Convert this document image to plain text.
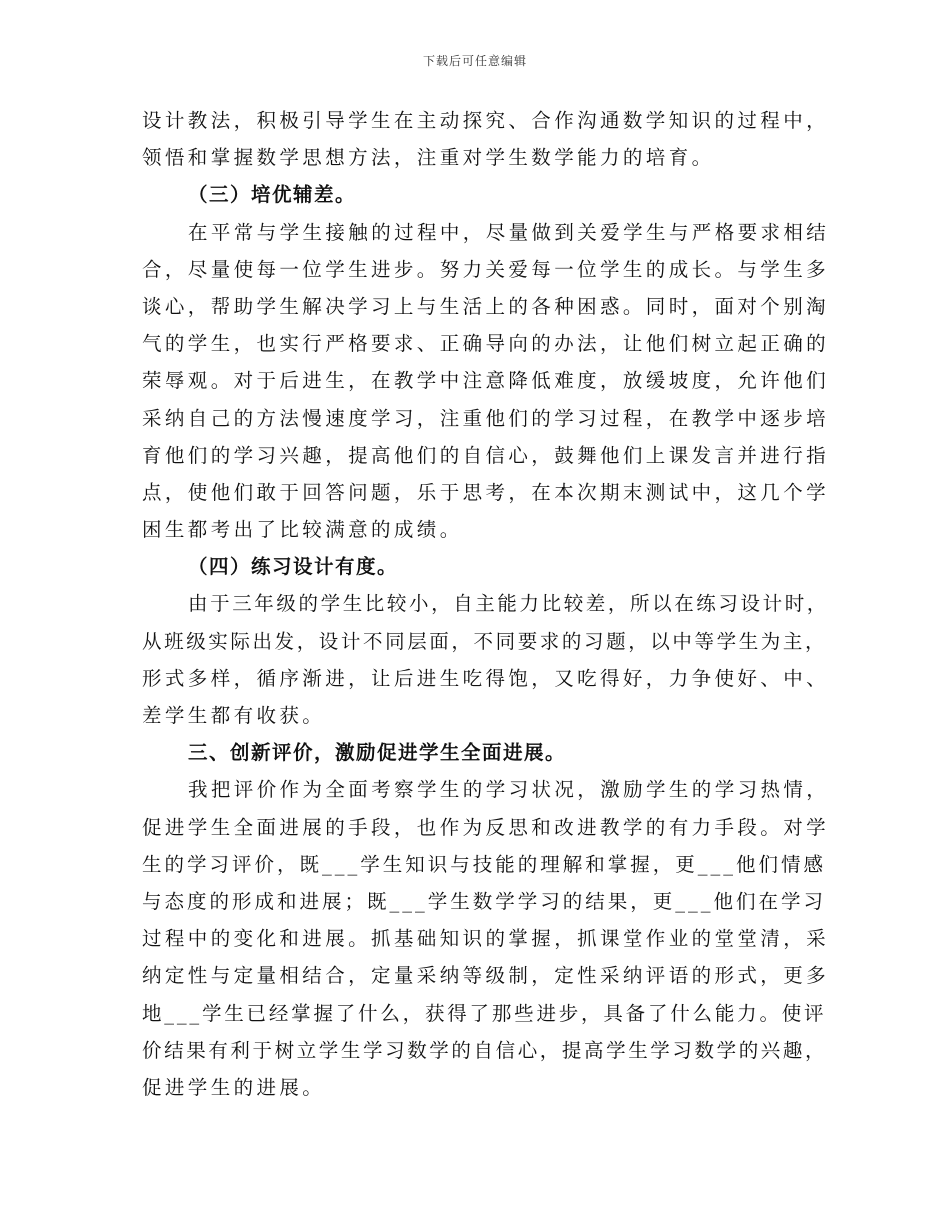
下载后可任意编辑
设计教法，积极引导学生在主动探究、合作沟通数学知识的过程中，
领悟和掌握数学思想方法，注重对学生数学能力的培育。
（三）培优辅差。
在平常与学生接触的过程中，尽量做到关爱学生与严格要求相结
合，尽量使每一位学生进步。努力关爱每一位学生的成长。与学生多
谈心，帮助学生解决学习上与生活上的各种困惑。同时，面对个别淘
气的学生，也实行严格要求、正确导向的办法，让他们树立起正确的
荣辱观。对于后进生，在教学中注意降低难度，放缓坡度，允许他们
采纳自己的方法慢速度学习，注重他们的学习过程，在教学中逐步培
育他们的学习兴趣，提高他们的自信心，鼓舞他们上课发言并进行指
点，使他们敢于回答问题，乐于思考，在本次期末测试中，这几个学
困生都考出了比较满意的成绩。
（四）练习设计有度。
由于三年级的学生比较小，自主能力比较差，所以在练习设计时，
从班级实际出发，设计不同层面，不同要求的习题，以中等学生为主，
形式多样，循序渐进，让后进生吃得饱，又吃得好，力争使好、中、
差学生都有收获。
三、创新评价，激励促进学生全面进展。
我把评价作为全面考察学生的学习状况，激励学生的学习热情，
促进学生全面进展的手段，也作为反思和改进教学的有力手段。对学
生的学习评价，既___学生知识与技能的理解和掌握，更___他们情感
与态度的形成和进展；既___学生数学学习的结果，更___他们在学习
过程中的变化和进展。抓基础知识的掌握，抓课堂作业的堂堂清，采
纳定性与定量相结合，定量采纳等级制，定性采纳评语的形式，更多
地___学生已经掌握了什么，获得了那些进步，具备了什么能力。使评
价结果有利于树立学生学习数学的自信心，提高学生学习数学的兴趣，
促进学生的进展。
